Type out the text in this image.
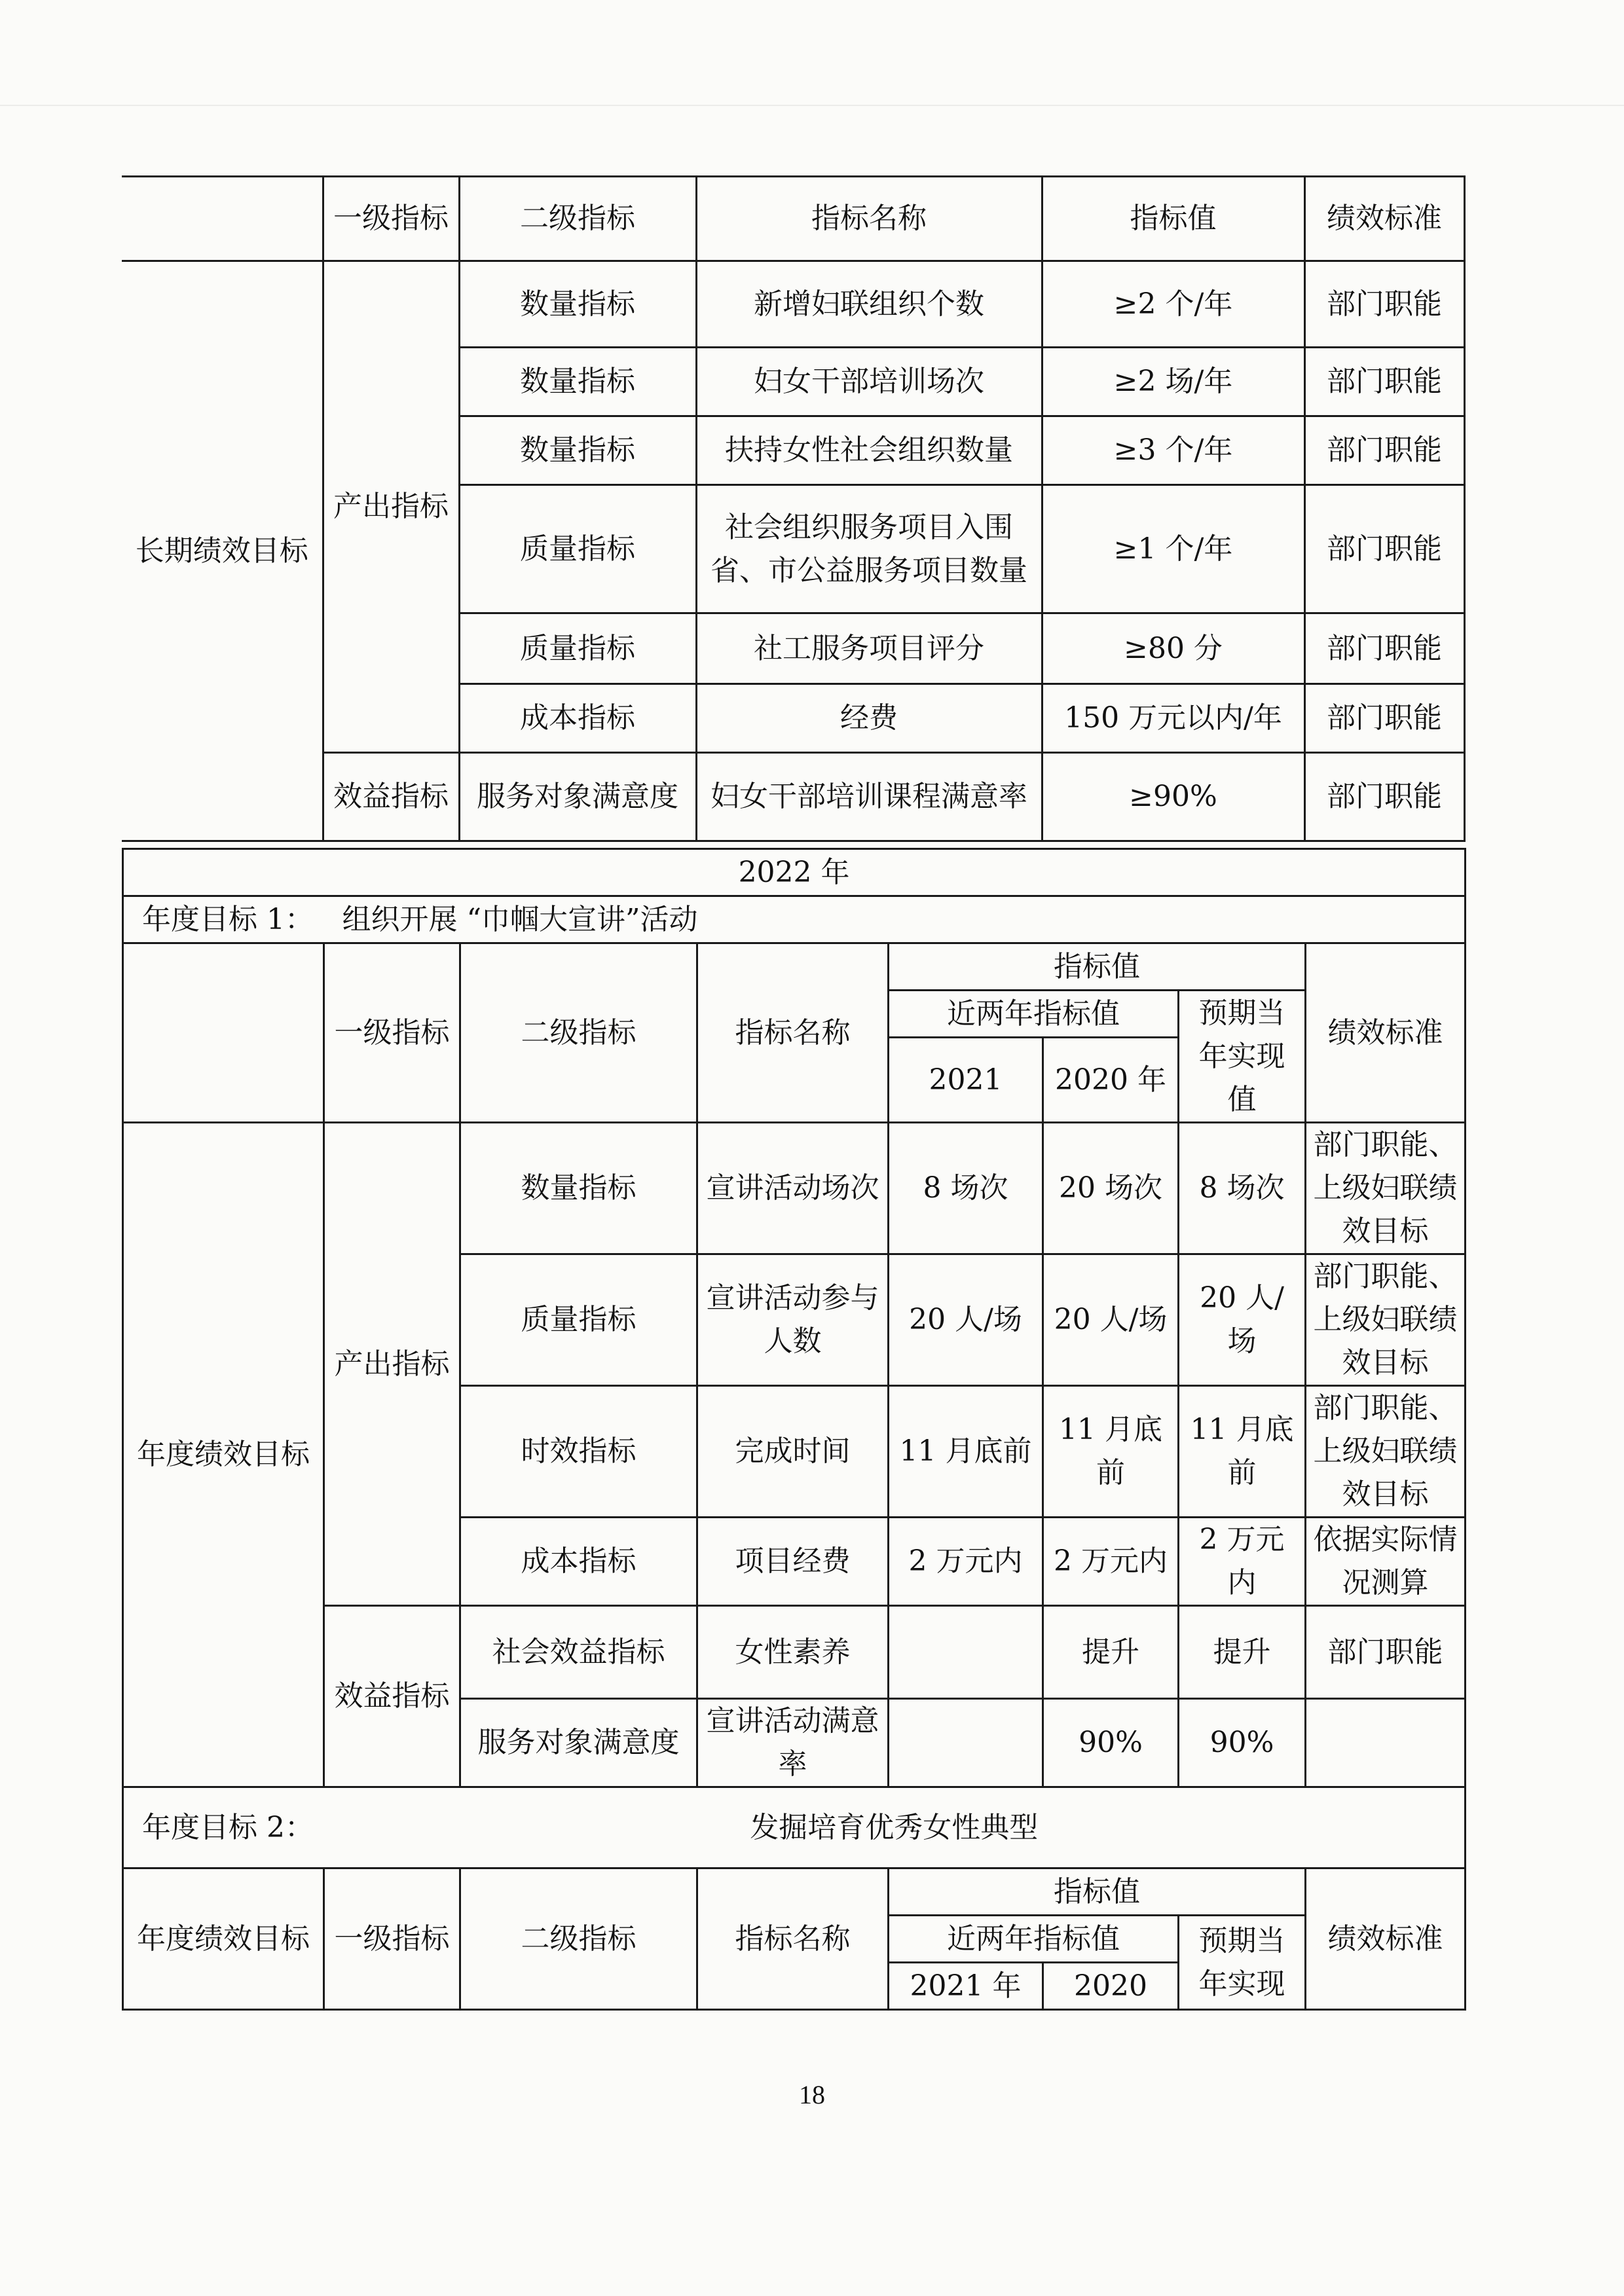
	一级指标	二级指标	指标名称	指标值	绩效标准
长期绩效目标	产出指标	数量指标	新增妇联组织个数	≥2 个/年	部门职能
		数量指标	妇女干部培训场次	≥2 场/年	部门职能
		数量指标	扶持女性社会组织数量	≥3 个/年	部门职能
		质量指标	社会组织服务项目入围省、市公益服务项目数量	≥1 个/年	部门职能
		质量指标	社工服务项目评分	≥80 分	部门职能
		成本指标	经费	150 万元以内/年	部门职能
	效益指标	服务对象满意度	妇女干部培训课程满意率	≥90%	部门职能
2022 年							
年度目标 1：	组织开展 “巾帼大宣讲”活动						
	一级指标	二级指标	指标名称	指标值			绩效标准
				近两年指标值		预期当年实现值	
				2021	2020 年		
年度绩效目标	产出指标	数量指标	宣讲活动场次	8 场次	20 场次	8 场次	部门职能、上级妇联绩效目标
		质量指标	宣讲活动参与人数	20 人/场	20 人/场	20 人/场	部门职能、上级妇联绩效目标
		时效指标	完成时间	11 月底前	11 月底前	11 月底前	部门职能、上级妇联绩效目标
		成本指标	项目经费	2 万元内	2 万元内	2 万元内	依据实际情况测算
	效益指标	社会效益指标	女性素养		提升	提升	部门职能
		服务对象满意度	宣讲活动满意率		90%	90%	
年度目标 2：	发掘培育优秀女性典型						
年度绩效目标	一级指标	二级指标	指标名称	指标值			绩效标准
				近两年指标值		预期当年实现	
				2021 年	2020		
18
